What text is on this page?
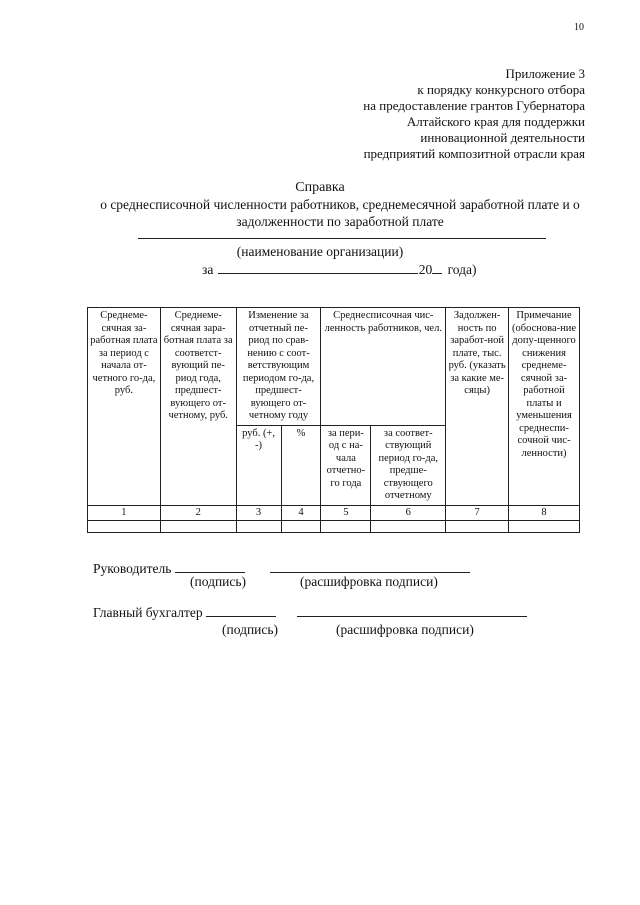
10
Приложение 3
к порядку конкурсного отбора
на предоставление грантов Губернатора
Алтайского края для поддержки
инновационной деятельности
предприятий композитной отрасли края
Справка
о среднесписочной численности работников, среднемесячной заработной плате и о задолженности по заработной плате
(наименование организации)
за	20 года)
Среднеме-сячная за-работная плата за период с начала от-четного го-да, руб.	Среднеме-сячная зара-ботная плата за соответст-вующий пе-риод года, предшест-вующего от-четному, руб.	Изменение за отчетный пе-риод по срав-нению с соот-ветствующим периодом го-да, предшест-вующего от-четному году		Среднесписочная чис-ленность работников, чел.		Задолжен-ность по заработ-ной плате, тыс. руб. (указать за какие ме-сяцы)	Примечание (обоснова-ние допу-щенного снижения среднеме-сячной за-работной платы и уменьшения среднеспи-сочной чис-ленности)
		руб. (+, -)	%	за пери-од с на-чала отчетно-го года	за соответ-ствующий период го-да, предше-ствующего отчетному		
1	2	3	4	5	6	7	8

Руководитель
(подпись)	(расшифровка подписи)
Главный бухгалтер
(подпись)	(расшифровка подписи)
